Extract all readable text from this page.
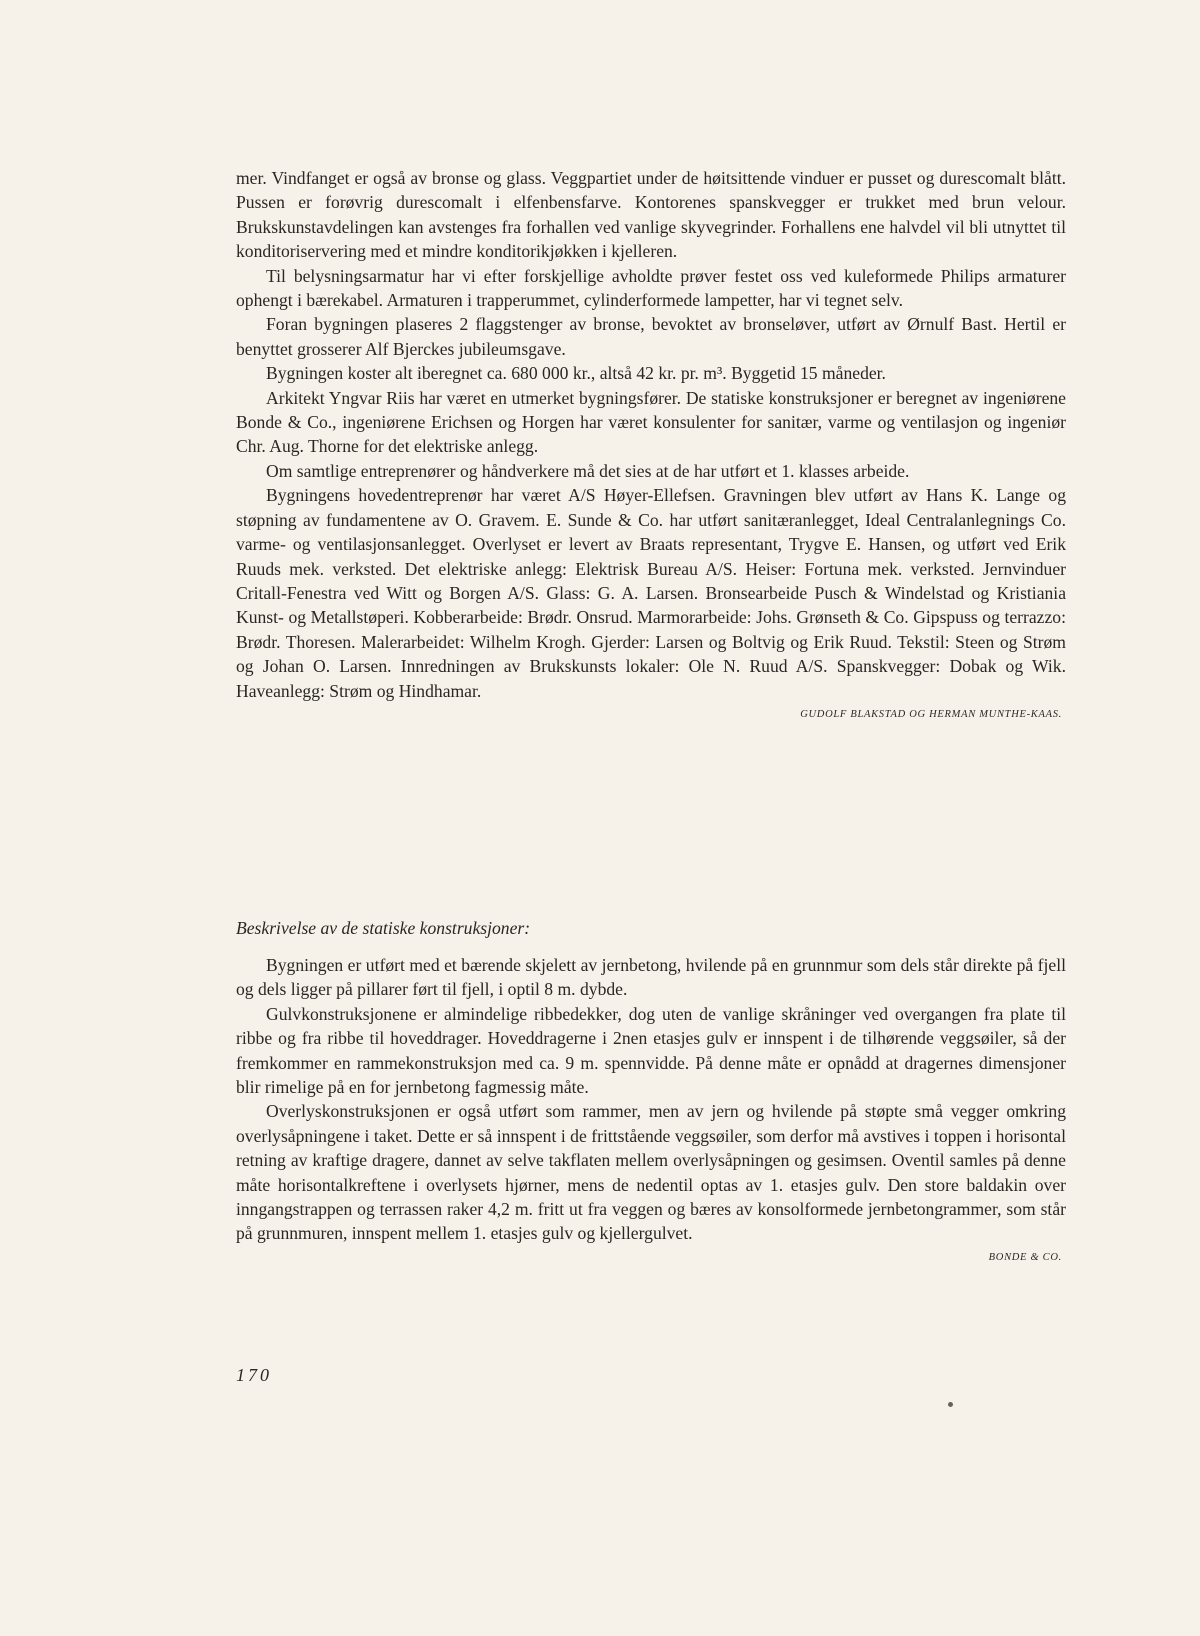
mer. Vindfanget er også av bronse og glass. Veggpartiet under de høitsittende vinduer er pusset og durescomalt blått. Pussen er forøvrig durescomalt i elfenbensfarve. Kontorenes spanskvegger er trukket med brun velour. Brukskunstavdelingen kan avstenges fra forhallen ved vanlige skyvegrinder. Forhallens ene halvdel vil bli utnyttet til konditoriservering med et mindre konditorikjøkken i kjelleren.

Til belysningsarmatur har vi efter forskjellige avholdte prøver festet oss ved kuleformede Philips armaturer ophengt i bærekabel. Armaturen i trapperummet, cylinderformede lampetter, har vi tegnet selv.

Foran bygningen plaseres 2 flaggstenger av bronse, bevoktet av bronseløver, utført av Ørnulf Bast. Hertil er benyttet grosserer Alf Bjerckes jubileumsgave.

Bygningen koster alt iberegnet ca. 680 000 kr., altså 42 kr. pr. m³. Byggetid 15 måneder.

Arkitekt Yngvar Riis har været en utmerket bygningsfører. De statiske konstruksjoner er beregnet av ingeniørene Bonde & Co., ingeniørene Erichsen og Horgen har været konsulenter for sanitær, varme og ventilasjon og ingeniør Chr. Aug. Thorne for det elektriske anlegg.

Om samtlige entreprenører og håndverkere må det sies at de har utført et 1. klasses arbeide.

Bygningens hovedentreprenør har været A/S Høyer-Ellefsen. Gravningen blev utført av Hans K. Lange og støpning av fundamentene av O. Gravem. E. Sunde & Co. har utført sanitæranlegget, Ideal Centralanlegnings Co. varme- og ventilasjonsanlegget. Overlyset er levert av Braats representant, Trygve E. Hansen, og utført ved Erik Ruuds mek. verksted. Det elektriske anlegg: Elektrisk Bureau A/S. Heiser: Fortuna mek. verksted. Jernvinduer Critall-Fenestra ved Witt og Borgen A/S. Glass: G. A. Larsen. Bronsearbeide Pusch & Windelstad og Kristiania Kunst- og Metallstøperi. Kobberarbeide: Brødr. Onsrud. Marmorarbeide: Johs. Grønseth & Co. Gipspuss og terrazzo: Brødr. Thoresen. Malerarbeidet: Wilhelm Krogh. Gjerder: Larsen og Boltvig og Erik Ruud. Tekstil: Steen og Strøm og Johan O. Larsen. Innredningen av Brukskunsts lokaler: Ole N. Ruud A/S. Spanskvegger: Dobak og Wik. Haveanlegg: Strøm og Hindhamar.

GUDOLF BLAKSTAD OG HERMAN MUNTHE-KAAS.
Beskrivelse av de statiske konstruksjoner:

Bygningen er utført med et bærende skjelett av jernbetong, hvilende på en grunnmur som dels står direkte på fjell og dels ligger på pillarer ført til fjell, i optil 8 m. dybde.

Gulvkonstruksjonene er almindelige ribbedekker, dog uten de vanlige skråninger ved overgangen fra plate til ribbe og fra ribbe til hoveddrager. Hoveddragerne i 2nen etasjes gulv er innspent i de tilhørende veggsøiler, så der fremkommer en rammekonstruksjon med ca. 9 m. spennvidde. På denne måte er opnådd at dragernes dimensjoner blir rimelige på en for jernbetong fagmessig måte.

Overlyskonstruksjonen er også utført som rammer, men av jern og hvilende på støpte små vegger omkring overlysåpningene i taket. Dette er så innspent i de frittstående veggsøiler, som derfor må avstives i toppen i horisontal retning av kraftige dragere, dannet av selve takflaten mellem overlysåpningen og gesimsen. Oventil samles på denne måte horisontalkreftene i overlysets hjørner, mens de nedentil optas av 1. etasjes gulv. Den store baldakin over inngangstrappen og terrassen raker 4,2 m. fritt ut fra veggen og bæres av konsolformede jernbetongrammer, som står på grunnmuren, innspent mellem 1. etasjes gulv og kjellergulvet.

BONDE & CO.
170
